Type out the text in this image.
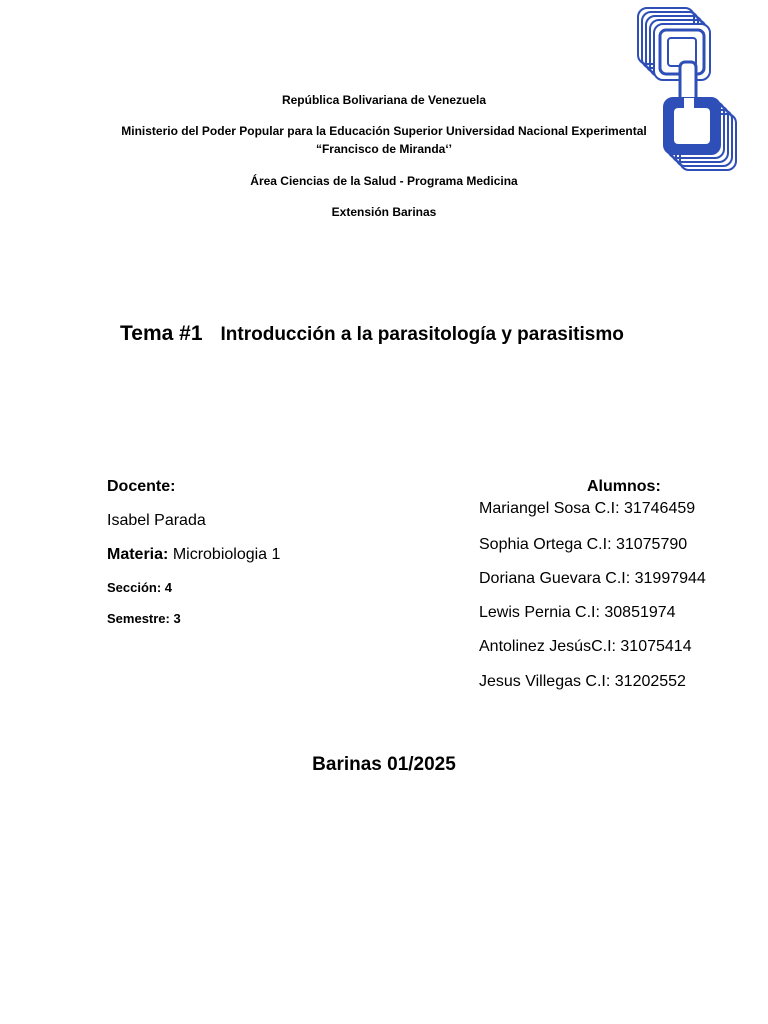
República Bolivariana de Venezuela
Ministerio del Poder Popular para la Educación Superior Universidad Nacional Experimental
“Francisco de Miranda‘’
Área Ciencias de la Salud - Programa Medicina
Extensión Barinas
Tema #1 Introducción a la parasitología y parasitismo
Docente:
Isabel Parada
Materia: Microbiologia 1
Sección: 4
Semestre: 3
Alumnos:
Mariangel Sosa C.I: 31746459
Sophia Ortega C.I: 31075790
Doriana Guevara C.I: 31997944
Lewis Pernia C.I: 30851974
Antolinez JesúsC.I: 31075414
Jesus Villegas C.I: 31202552
Barinas 01/2025
